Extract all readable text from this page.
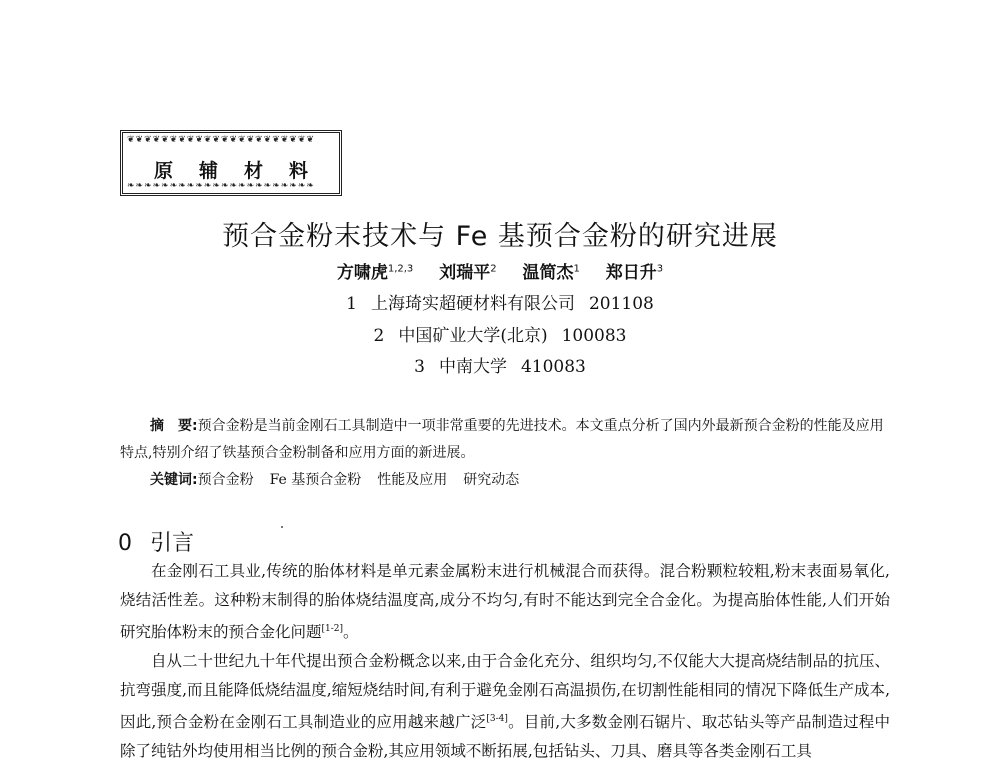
❦❦❦❦❦❦❦❦❦❦❦❦❦❦❦❦❦❦❦❦❦❦
原辅材料
❧❧❧❧❧❧❧❧❧❧❧❧❧❧❧❧❧❧❧❧❧❧
预合金粉末技术与 Fe 基预合金粉的研究进展
方啸虎$^{1,2,3}$ 刘瑞平$^2$ 温简杰$^1$ 郑日升$^3$
1 上海琦实超硬材料有限公司 201108
2 中国矿业大学(北京) 100083
3 中南大学 410083
摘　要:预合金粉是当前金刚石工具制造中一项非常重要的先进技术。本文重点分析了国内外最新预合金粉的性能及应用特点,特别介绍了铁基预合金粉制备和应用方面的新进展。
关键词:预合金粉 Fe 基预合金粉 性能及应用 研究动态
0 引言

在金刚石工具业,传统的胎体材料是单元素金属粉末进行机械混合而获得。混合粉颗粒较粗,粉末表面易氧化,烧结活性差。这种粉末制得的胎体烧结温度高,成分不均匀,有时不能达到完全合金化。为提高胎体性能,人们开始研究胎体粉末的预合金化问题[1-2]。

自从二十世纪九十年代提出预合金粉概念以来,由于合金化充分、组织均匀,不仅能大大提高烧结制品的抗压、抗弯强度,而且能降低烧结温度,缩短烧结时间,有利于避免金刚石高温损伤,在切割性能相同的情况下降低生产成本,因此,预合金粉在金刚石工具制造业的应用越来越广泛[3-4]。目前,大多数金刚石锯片、取芯钻头等产品制造过程中除了纯钴外均使用相当比例的预合金粉,其应用领域不断拓展,包括钻头、刀具、磨具等各类金刚石工具
